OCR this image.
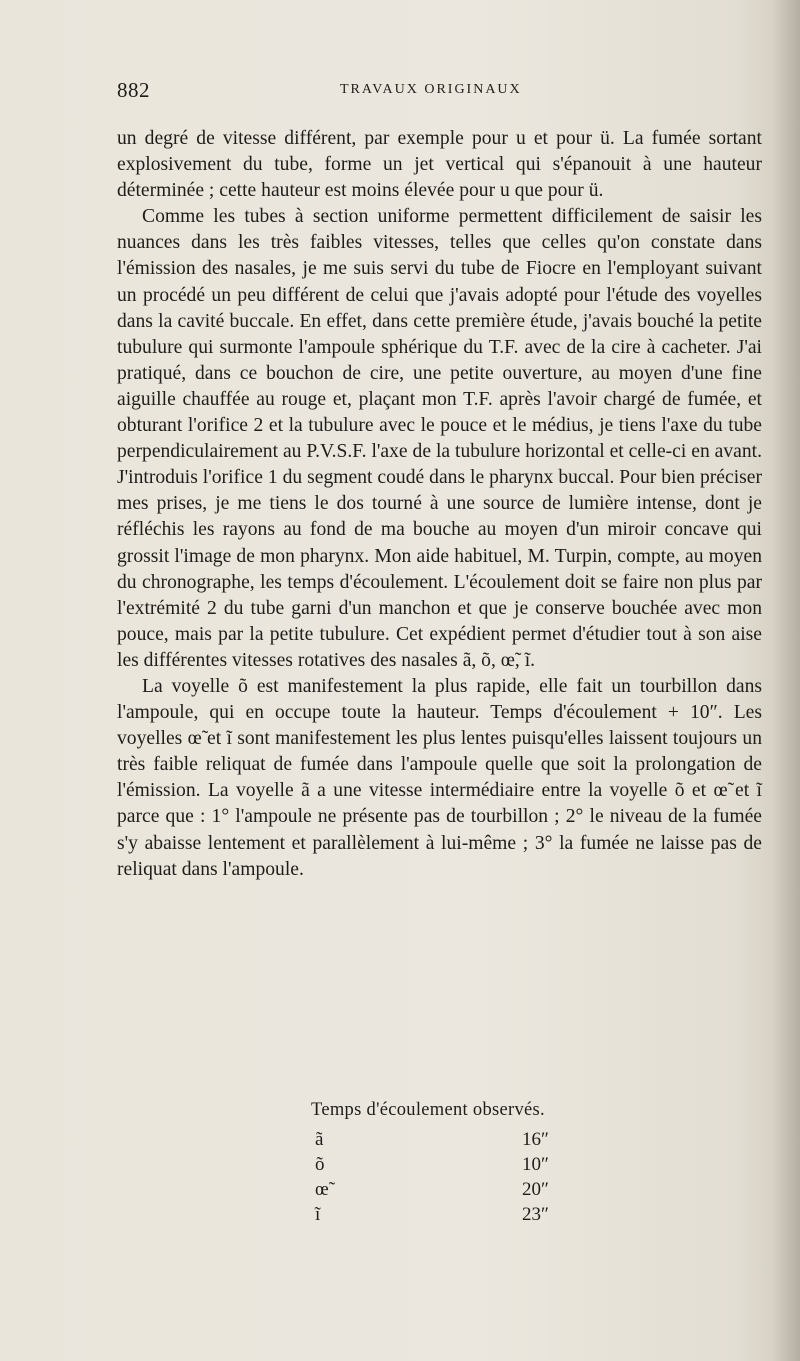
882	TRAVAUX ORIGINAUX

un degré de vitesse différent, par exemple pour u et pour ü. La fumée sortant explosivement du tube, forme un jet vertical qui s'épanouit à une hauteur déterminée ; cette hauteur est moins élevée pour u que pour ü.

Comme les tubes à section uniforme permettent difficilement de saisir les nuances dans les très faibles vitesses, telles que celles qu'on constate dans l'émission des nasales, je me suis servi du tube de Fiocre en l'employant suivant un procédé un peu différent de celui que j'avais adopté pour l'étude des voyelles dans la cavité buccale. En effet, dans cette première étude, j'avais bouché la petite tubulure qui surmonte l'ampoule sphérique du T.F. avec de la cire à cacheter. J'ai pratiqué, dans ce bouchon de cire, une petite ouverture, au moyen d'une fine aiguille chauffée au rouge et, plaçant mon T.F. après l'avoir chargé de fumée, et obturant l'orifice 2 et la tubulure avec le pouce et le médius, je tiens l'axe du tube perpendiculairement au P.V.S.F. l'axe de la tubulure horizontal et celle-ci en avant. J'introduis l'orifice 1 du segment coudé dans le pharynx buccal. Pour bien préciser mes prises, je me tiens le dos tourné à une source de lumière intense, dont je réfléchis les rayons au fond de ma bouche au moyen d'un miroir concave qui grossit l'image de mon pharynx. Mon aide habituel, M. Turpin, compte, au moyen du chronographe, les temps d'écoulement. L'écoulement doit se faire non plus par l'extrémité 2 du tube garni d'un manchon et que je conserve bouchée avec mon pouce, mais par la petite tubulure. Cet expédient permet d'étudier tout à son aise les différentes vitesses rotatives des nasales ã, õ, œ̃, ĩ.

La voyelle õ est manifestement la plus rapide, elle fait un tourbillon dans l'ampoule, qui en occupe toute la hauteur. Temps d'écoulement + 10″. Les voyelles œ̃ et ĩ sont manifestement les plus lentes puisqu'elles laissent toujours un très faible reliquat de fumée dans l'ampoule quelle que soit la prolongation de l'émission. La voyelle ã a une vitesse intermédiaire entre la voyelle õ et œ̃ et ĩ parce que : 1° l'ampoule ne présente pas de tourbillon ; 2° le niveau de la fumée s'y abaisse lentement et parallèlement à lui-même ; 3° la fumée ne laisse pas de reliquat dans l'ampoule.

Temps d'écoulement observés.
ã	16″
õ	10″
œ̃	20″
ĩ	23″
